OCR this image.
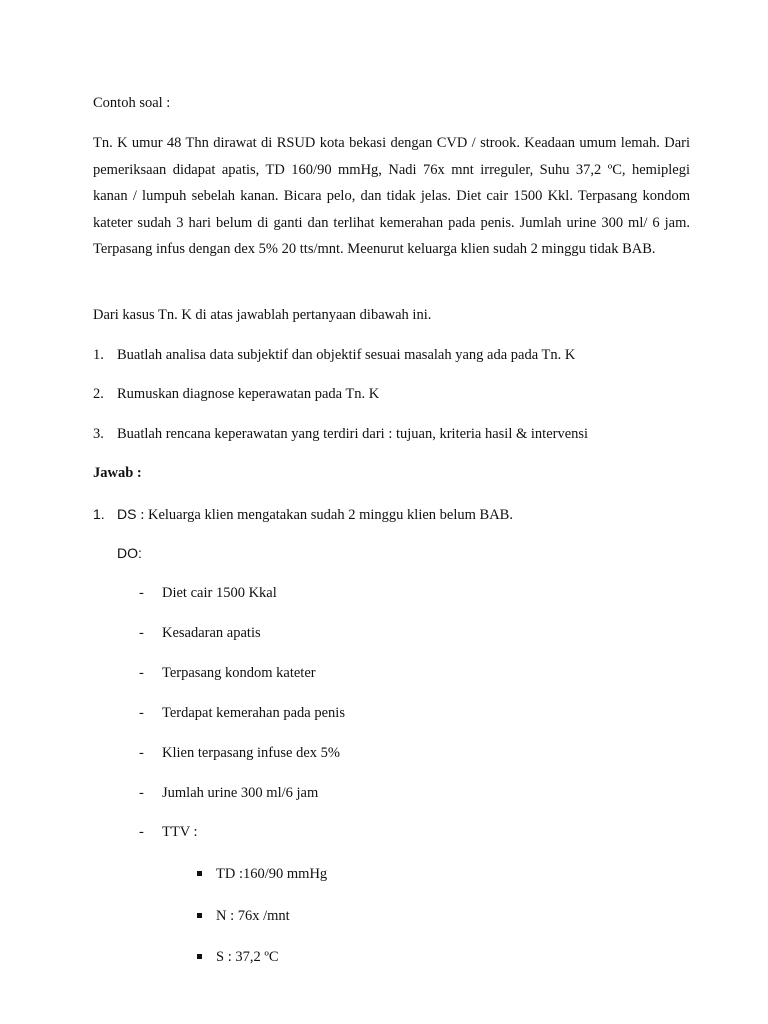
Contoh soal :
Tn. K umur 48 Thn dirawat di RSUD kota bekasi dengan CVD / strook. Keadaan umum lemah. Dari pemeriksaan didapat apatis, TD 160/90 mmHg, Nadi 76x mnt irreguler, Suhu 37,2 ºC, hemiplegi kanan / lumpuh sebelah kanan. Bicara pelo, dan tidak jelas. Diet cair 1500 Kkl. Terpasang kondom kateter sudah 3 hari belum di ganti dan terlihat kemerahan pada penis. Jumlah urine 300 ml/ 6 jam. Terpasang infus dengan dex 5% 20 tts/mnt. Meenurut keluarga klien sudah 2 minggu tidak BAB.
Dari kasus Tn. K di atas jawablah pertanyaan dibawah ini.
1. Buatlah analisa data subjektif dan objektif sesuai masalah yang ada pada Tn. K
2. Rumuskan diagnose keperawatan pada Tn. K
3. Buatlah rencana keperawatan yang terdiri dari : tujuan, kriteria hasil & intervensi
Jawab :
1. DS : Keluarga klien mengatakan sudah 2 minggu klien belum BAB.
DO:
- Diet cair 1500 Kkal
- Kesadaran apatis
- Terpasang kondom kateter
- Terdapat kemerahan pada penis
- Klien terpasang infuse dex 5%
- Jumlah urine 300 ml/6 jam
- TTV :
TD :160/90 mmHg
N : 76x /mnt
S : 37,2 ºC
